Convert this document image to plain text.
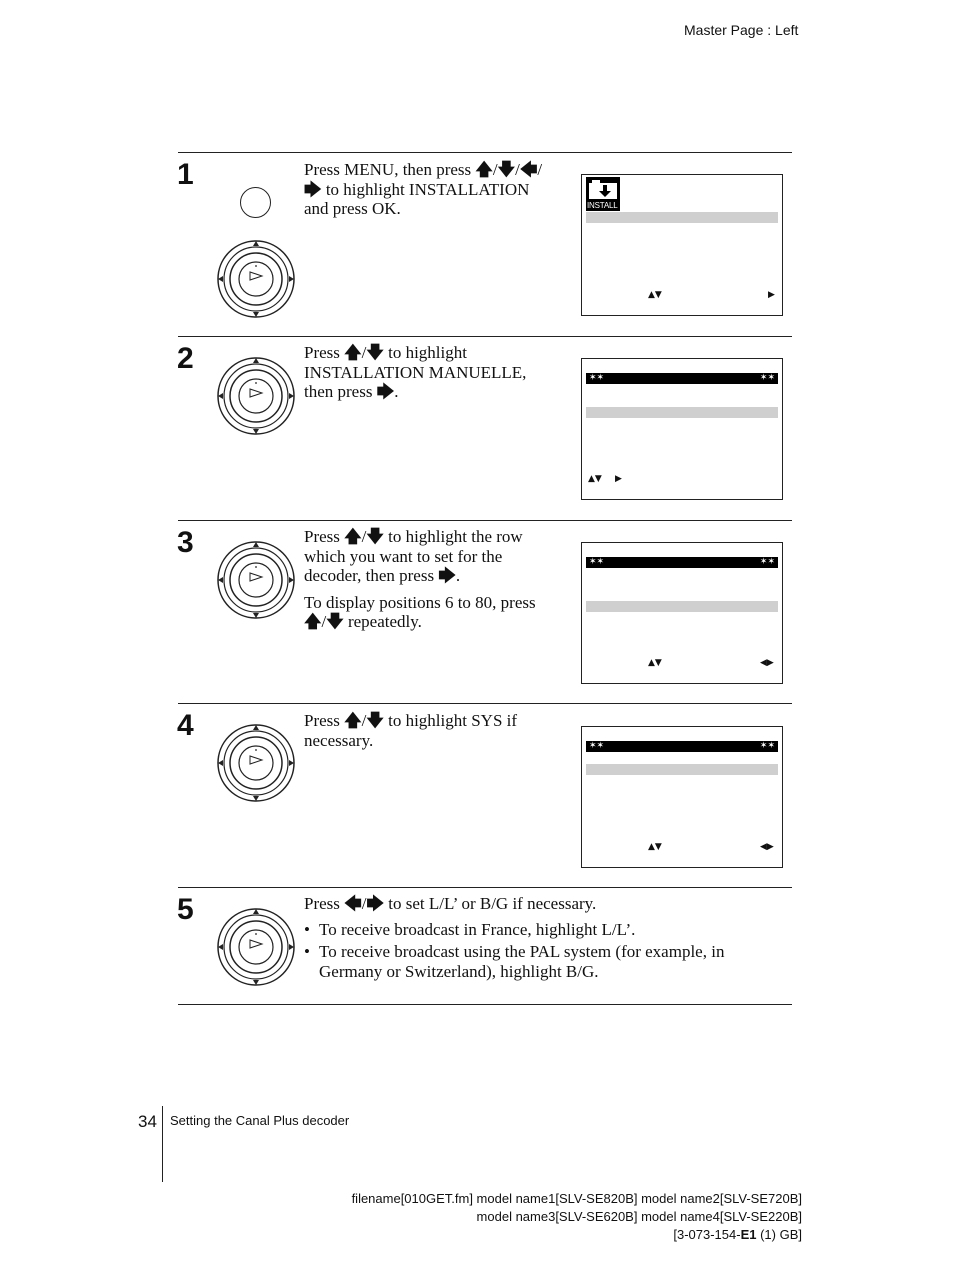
Master Page : Left
1	Press MENU, then press 🡅/🡇/🡄/
🡆 to highlight INSTALLATION
and press OK.	INSTALL
▲▼	▶
2	Press 🡅/🡇 to highlight
INSTALLATION MANUELLE,
then press 🡆.

✶✶	✶✶
▲▼ ▶
3	Press 🡅/🡇 to highlight the row
which you want to set for the
decoder, then press 🡆.

To display positions 6 to 80, press
🡅/🡇 repeatedly.

✶✶	✶✶
▲▼	◀▶
4	Press 🡅/🡇 to highlight SYS if
necessary.	✶✶	✶✶
▲▼	◀▶
5	Press 🡄/🡆 to set L/L’ or B/G if necessary.

• To receive broadcast in France, highlight L/L’.
• To receive broadcast using the PAL system (for example, in
Germany or Switzerland), highlight B/G.
34 Setting the Canal Plus decoder
filename[010GET.fm] model name1[SLV-SE820B] model name2[SLV-SE720B]
model name3[SLV-SE620B] model name4[SLV-SE220B]
[3-073-154-E1 (1) GB]
